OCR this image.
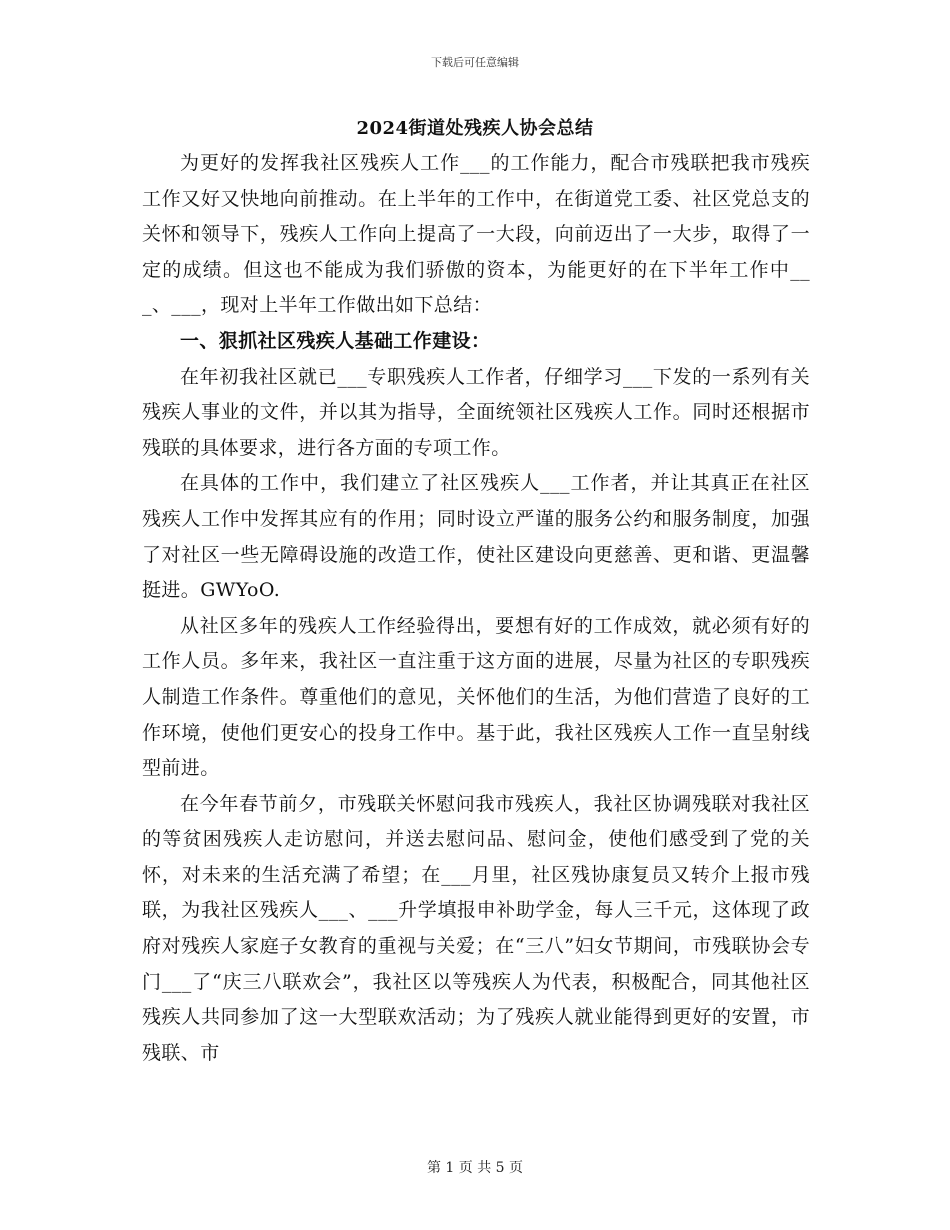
下载后可任意编辑
2024街道处残疾人协会总结

为更好的发挥我社区残疾人工作___的工作能力，配合市残联把我市残疾工作又好又快地向前推动。在上半年的工作中，在街道党工委、社区党总支的关怀和领导下，残疾人工作向上提高了一大段，向前迈出了一大步，取得了一定的成绩。但这也不能成为我们骄傲的资本，为能更好的在下半年工作中___、___，现对上半年工作做出如下总结：

一、狠抓社区残疾人基础工作建设：

在年初我社区就已___专职残疾人工作者，仔细学习___下发的一系列有关残疾人事业的文件，并以其为指导，全面统领社区残疾人工作。同时还根据市残联的具体要求，进行各方面的专项工作。

在具体的工作中，我们建立了社区残疾人___工作者，并让其真正在社区残疾人工作中发挥其应有的作用；同时设立严谨的服务公约和服务制度，加强了对社区一些无障碍设施的改造工作，使社区建设向更慈善、更和谐、更温馨挺进。GWYoO.

从社区多年的残疾人工作经验得出，要想有好的工作成效，就必须有好的工作人员。多年来，我社区一直注重于这方面的进展，尽量为社区的专职残疾人制造工作条件。尊重他们的意见，关怀他们的生活，为他们营造了良好的工作环境，使他们更安心的投身工作中。基于此，我社区残疾人工作一直呈射线型前进。

在今年春节前夕，市残联关怀慰问我市残疾人，我社区协调残联对我社区的等贫困残疾人走访慰问，并送去慰问品、慰问金，使他们感受到了党的关怀，对未来的生活充满了希望；在___月里，社区残协康复员又转介上报市残联，为我社区残疾人___、___升学填报申补助学金，每人三千元，这体现了政府对残疾人家庭子女教育的重视与关爱；在“三八”妇女节期间，市残联协会专门___了“庆三八联欢会”，我社区以等残疾人为代表，积极配合，同其他社区残疾人共同参加了这一大型联欢活动；为了残疾人就业能得到更好的安置，市残联、市

第 1 页 共 5 页
